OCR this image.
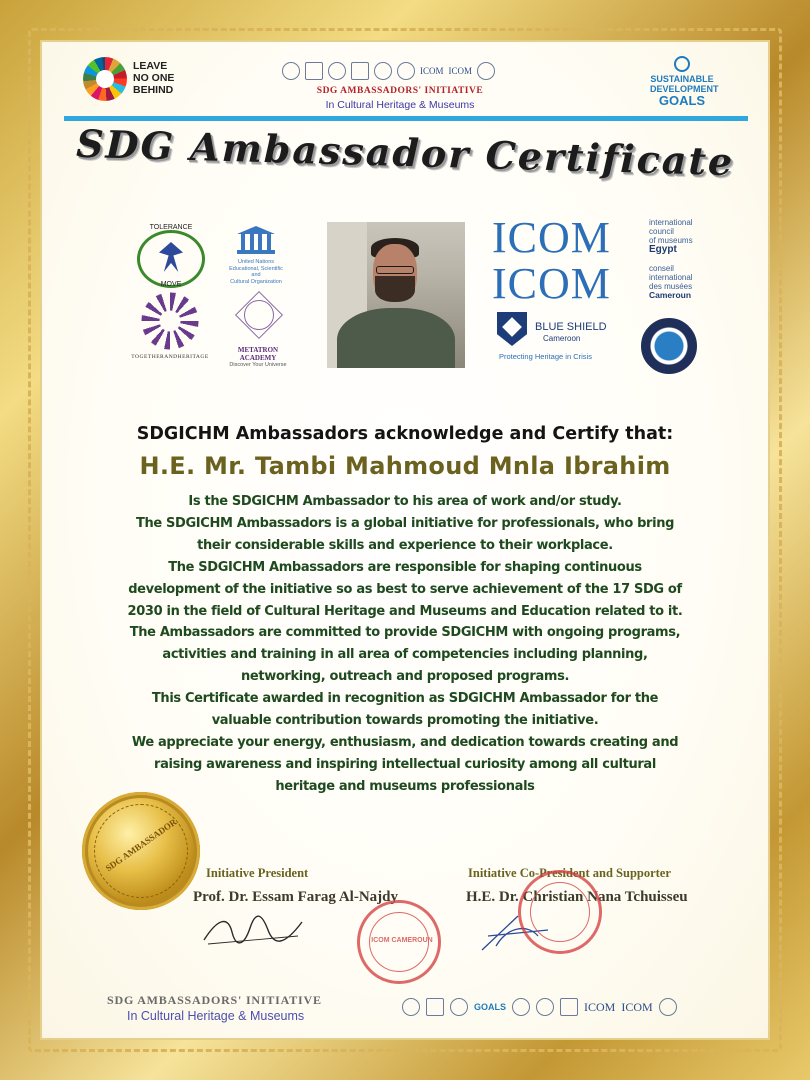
LEAVE
NO ONE
BEHIND
ICOM ICOM
SDG AMBASSADORS' INITIATIVE
In Cultural Heritage & Museums
SUSTAINABLE
DEVELOPMENT
GOALS
SDG Ambassador Certificate
TOLERANCE
MOVE
United Nations
Educational, Scientific and
Cultural Organization
TOGETHERANDHERITAGE
METATRON ACADEMY
Discover Your Universe
ICOM
ICOM
international
council
of museums
Egypt
conseil
international
des musées
Cameroun
BLUE SHIELD
Cameroon
Protecting Heritage in Crisis
SDGICHM Ambassadors acknowledge and Certify that:
H.E. Mr. Tambi Mahmoud Mnla Ibrahim
Is the SDGICHM Ambassador to his area of work and/or study.
The SDGICHM Ambassadors is a global initiative for professionals, who bring
their considerable skills and experience to their workplace.
The SDGICHM Ambassadors are responsible for shaping continuous
development of the initiative so as best to serve achievement of the 17 SDG of
2030 in the field of Cultural Heritage and Museums and Education related to it.
The Ambassadors are committed to provide SDGICHM with ongoing programs,
activities and training in all area of competencies including planning,
networking, outreach and proposed programs.
This Certificate awarded in recognition as SDGICHM Ambassador for the
valuable contribution towards promoting the initiative.
We appreciate your energy, enthusiasm, and dedication towards creating and
raising awareness and inspiring intellectual curiosity among all cultural
heritage and museums professionals
SDG AMBASSADOR	Initiative President
Prof. Dr. Essam Farag Al-Najdy
Initiative Co-President and Supporter
H.E. Dr. Christian Nana Tchuisseu
ICOM CAMEROUN
SDG AMBASSADORS' INITIATIVE
In Cultural Heritage & Museums
GOALS	ICOM ICOM
